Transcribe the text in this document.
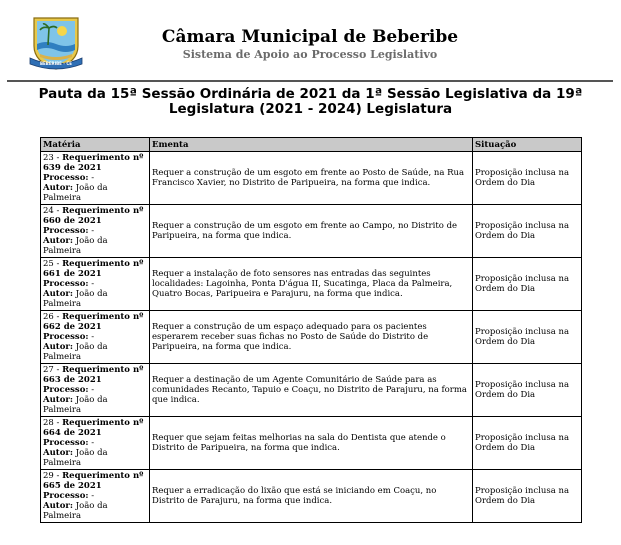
BEBERIBE - CE
Câmara Municipal de Beberibe
Sistema de Apoio ao Processo Legislativo
Pauta da 15ª Sessão Ordinária de 2021 da 1ª Sessão Legislativa da 19ª Legislatura (2021 - 2024) Legislatura
Matéria	Ementa	Situação
23 - Requerimento nº 639 de 2021
Processo: -
Autor: João da Palmeira	Requer a construção de um esgoto em frente ao Posto de Saúde, na Rua Francisco Xavier, no Distrito de Paripueira, na forma que indica.	Proposição inclusa na Ordem do Dia
24 - Requerimento nº 660 de 2021
Processo: -
Autor: João da Palmeira	Requer a construção de um esgoto em frente ao Campo, no Distrito de Paripueira, na forma que indica.	Proposição inclusa na Ordem do Dia
25 - Requerimento nº 661 de 2021
Processo: -
Autor: João da Palmeira	Requer a instalação de foto sensores nas entradas das seguintes localidades: Lagoinha, Ponta D'água II, Sucatinga, Placa da Palmeira, Quatro Bocas, Paripueira e Parajuru, na forma que indica.	Proposição inclusa na Ordem do Dia
26 - Requerimento nº 662 de 2021
Processo: -
Autor: João da Palmeira	Requer a construção de um espaço adequado para os pacientes esperarem receber suas fichas no Posto de Saúde do Distrito de Paripueira, na forma que indica.	Proposição inclusa na Ordem do Dia
27 - Requerimento nº 663 de 2021
Processo: -
Autor: João da Palmeira	Requer a destinação de um Agente Comunitário de Saúde para as comunidades Recanto, Tapuio e Coaçu, no Distrito de Parajuru, na forma que indica.	Proposição inclusa na Ordem do Dia
28 - Requerimento nº 664 de 2021
Processo: -
Autor: João da Palmeira	Requer que sejam feitas melhorias na sala do Dentista que atende o Distrito de Paripueira, na forma que indica.	Proposição inclusa na Ordem do Dia
29 - Requerimento nº 665 de 2021
Processo: -
Autor: João da Palmeira	Requer a erradicação do lixão que está se iniciando em Coaçu, no Distrito de Parajuru, na forma que indica.	Proposição inclusa na Ordem do Dia
